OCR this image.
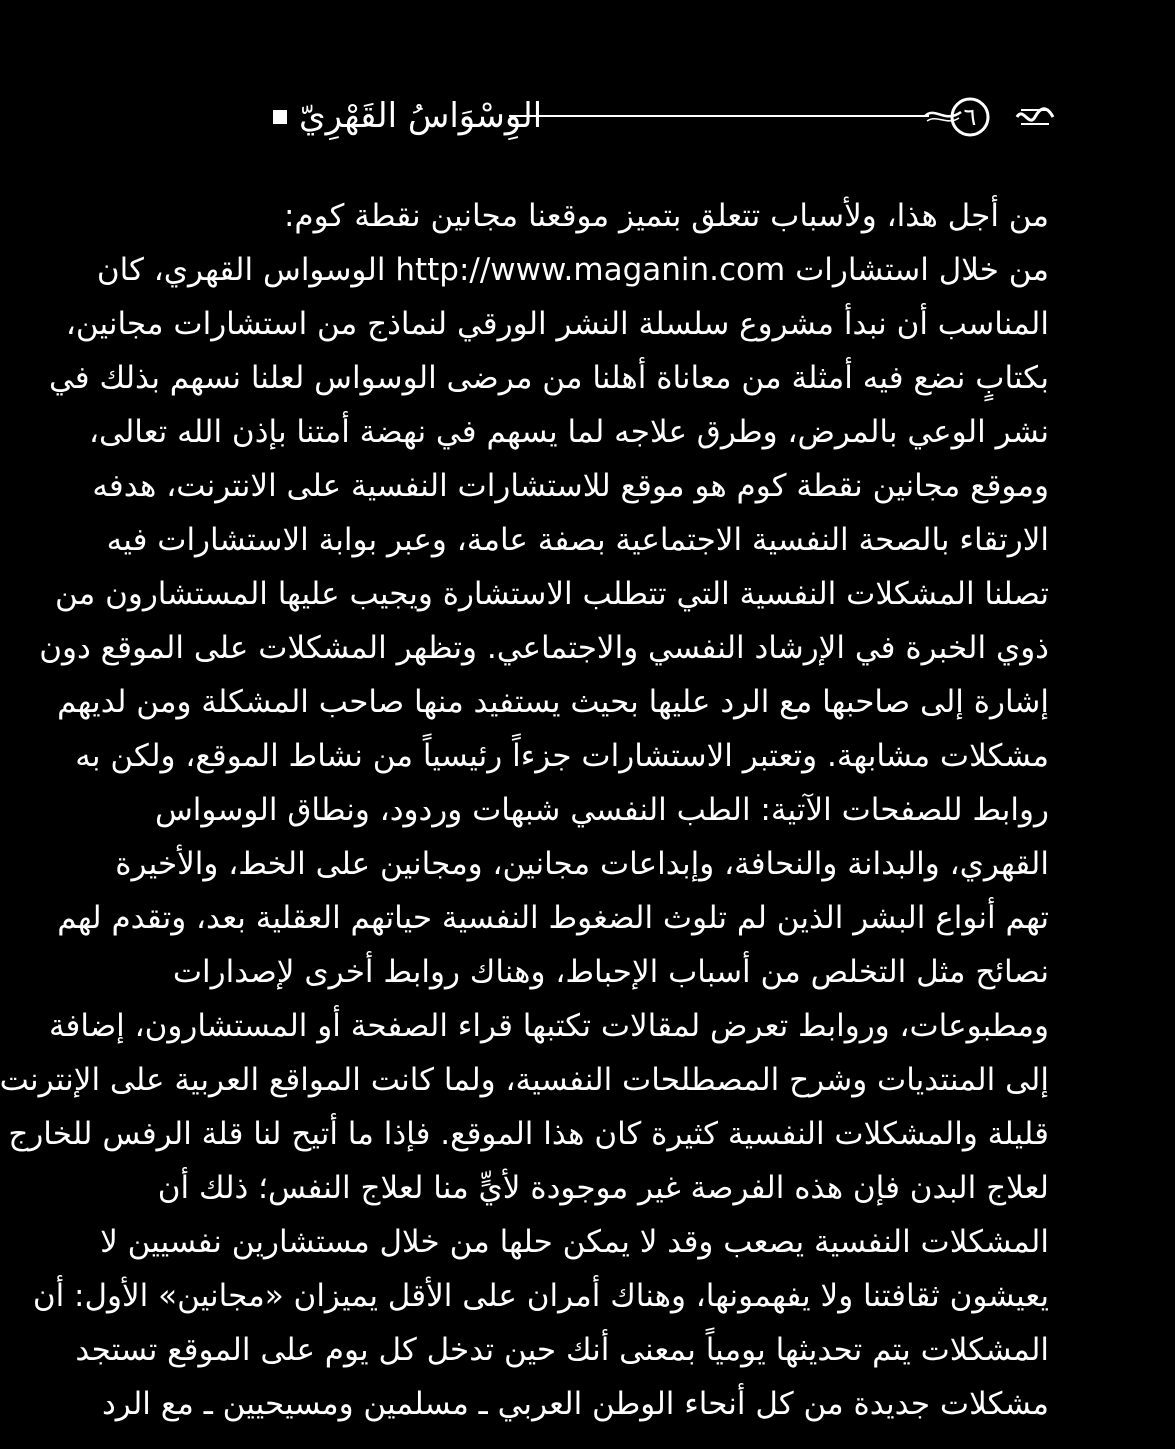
الوِسْوَاسُ القَهْرِيّ	٦
من أجل هذا، ولأسباب تتعلق بتميز موقعنا مجانين نقطة كوم:
من خلال استشارات http://www.maganin.com الوسواس القهري، كان
المناسب أن نبدأ مشروع سلسلة النشر الورقي لنماذج من استشارات مجانين،
بكتابٍ نضع فيه أمثلة من معاناة أهلنا من مرضى الوسواس لعلنا نسهم بذلك في
نشر الوعي بالمرض، وطرق علاجه لما يسهم في نهضة أمتنا بإذن الله تعالى،
وموقع مجانين نقطة كوم هو موقع للاستشارات النفسية على الانترنت، هدفه
الارتقاء بالصحة النفسية الاجتماعية بصفة عامة، وعبر بوابة الاستشارات فيه
تصلنا المشكلات النفسية التي تتطلب الاستشارة ويجيب عليها المستشارون من
ذوي الخبرة في الإرشاد النفسي والاجتماعي. وتظهر المشكلات على الموقع دون
إشارة إلى صاحبها مع الرد عليها بحيث يستفيد منها صاحب المشكلة ومن لديهم
مشكلات مشابهة. وتعتبر الاستشارات جزءاً رئيسياً من نشاط الموقع، ولكن به
روابط للصفحات الآتية: الطب النفسي شبهات وردود، ونطاق الوسواس
القهري، والبدانة والنحافة، وإبداعات مجانين، ومجانين على الخط، والأخيرة
تهم أنواع البشر الذين لم تلوث الضغوط النفسية حياتهم العقلية بعد، وتقدم لهم
نصائح مثل التخلص من أسباب الإحباط، وهناك روابط أخرى لإصدارات
ومطبوعات، وروابط تعرض لمقالات تكتبها قراء الصفحة أو المستشارون، إضافة
إلى المنتديات وشرح المصطلحات النفسية، ولما كانت المواقع العربية على الإنترنت
قليلة والمشكلات النفسية كثيرة كان هذا الموقع. فإذا ما أتيح لنا قلة الرفس للخارج
لعلاج البدن فإن هذه الفرصة غير موجودة لأيٍّ منا لعلاج النفس؛ ذلك أن
المشكلات النفسية يصعب وقد لا يمكن حلها من خلال مستشارين نفسيين لا
يعيشون ثقافتنا ولا يفهمونها، وهناك أمران على الأقل يميزان «مجانين» الأول: أن
المشكلات يتم تحديثها يومياً بمعنى أنك حين تدخل كل يوم على الموقع تستجد
مشكلات جديدة من كل أنحاء الوطن العربي ـ مسلمين ومسيحيين ـ مع الرد
